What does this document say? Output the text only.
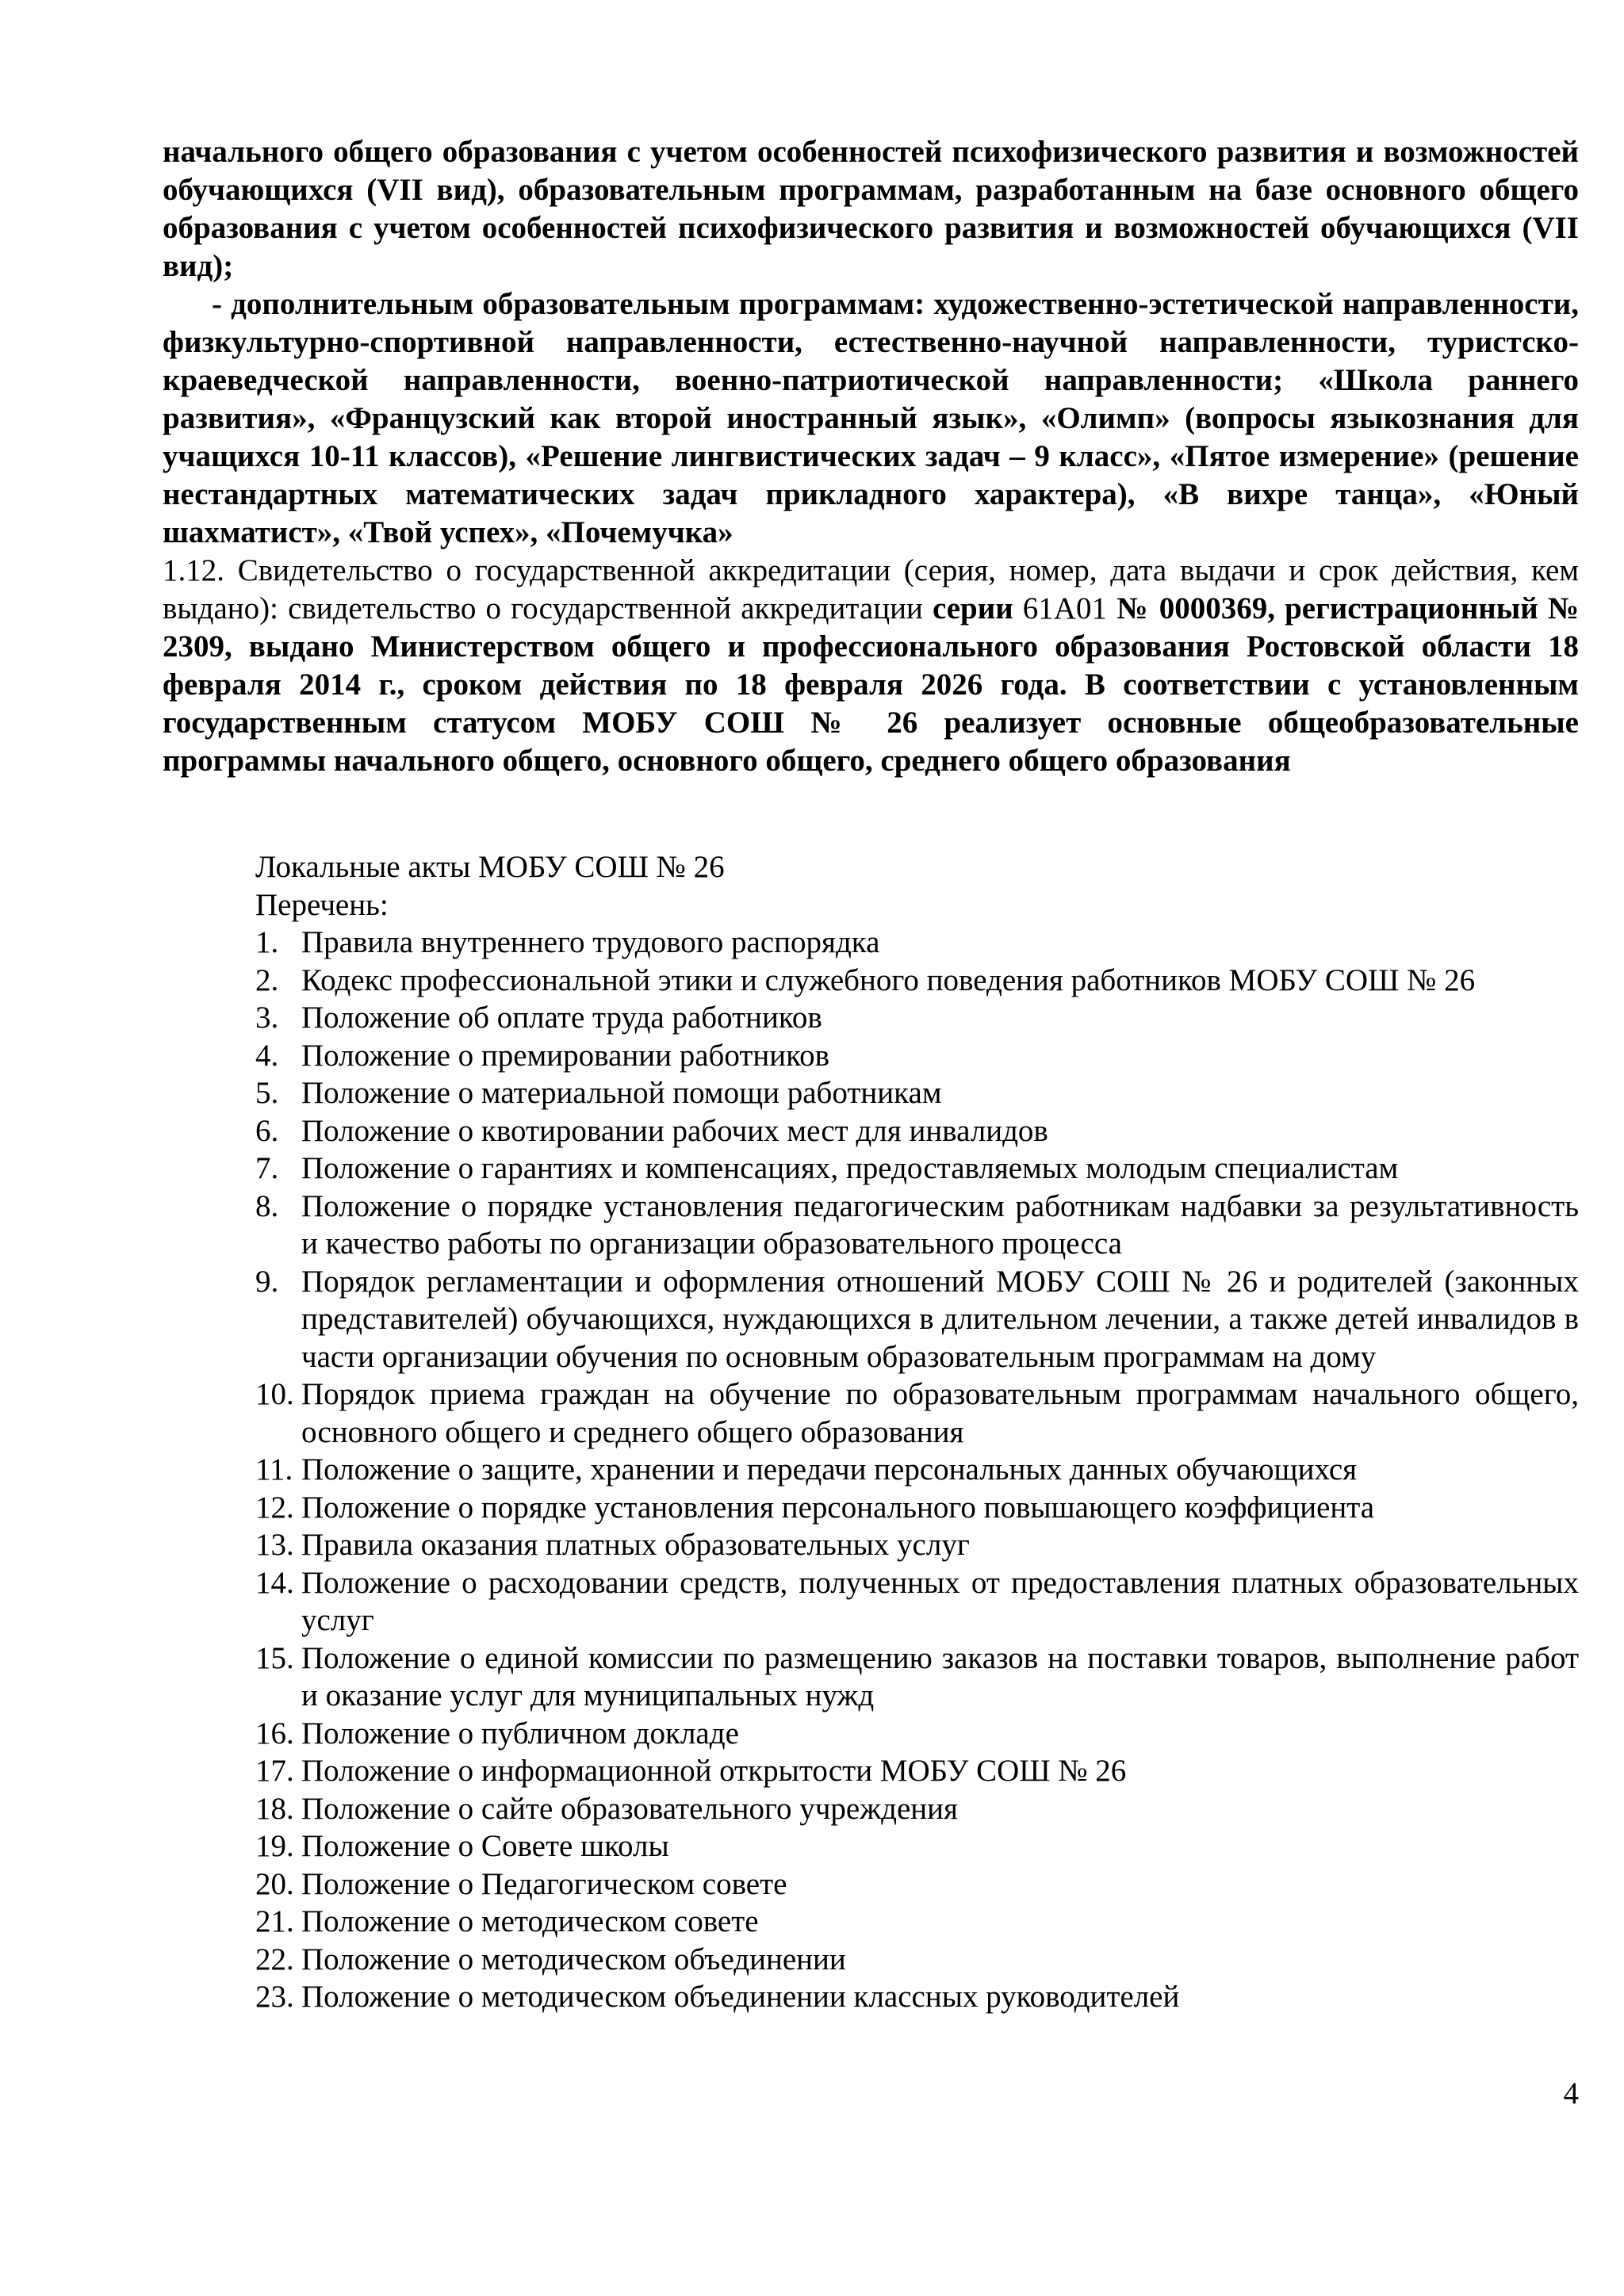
начального общего образования с учетом особенностей психофизического развития и возможностей обучающихся (VII вид), образовательным программам, разработанным на базе основного общего образования с учетом особенностей психофизического развития и возможностей обучающихся (VII вид);

- дополнительным образовательным программам: художественно-эстетической направленности, физкультурно-спортивной направленности, естественно-научной направленности, туристско-краеведческой направленности, военно-патриотической направленности; «Школа раннего развития», «Французский как второй иностранный язык», «Олимп» (вопросы языкознания для учащихся 10-11 классов), «Решение лингвистических задач – 9 класс», «Пятое измерение» (решение нестандартных математических задач прикладного характера), «В вихре танца», «Юный шахматист», «Твой успех», «Почемучка»

1.12. Свидетельство о государственной аккредитации (серия, номер, дата выдачи и срок действия, кем выдано): свидетельство о государственной аккредитации серии 61А01 № 0000369, регистрационный № 2309, выдано Министерством общего и профессионального образования Ростовской области 18 февраля 2014 г., сроком действия по 18 февраля 2026 года. В соответствии с установленным государственным статусом МОБУ СОШ № 26 реализует основные общеобразовательные программы начального общего, основного общего, среднего общего образования

Локальные акты МОБУ СОШ № 26

Перечень:

1. Правила внутреннего трудового распорядка
2. Кодекс профессиональной этики и служебного поведения работников МОБУ СОШ № 26
3. Положение об оплате труда работников
4. Положение о премировании работников
5. Положение о материальной помощи работникам
6. Положение о квотировании рабочих мест для инвалидов
7. Положение о гарантиях и компенсациях, предоставляемых молодым специалистам
8. Положение о порядке установления педагогическим работникам надбавки за результативность и качество работы по организации образовательного процесса
9. Порядок регламентации и оформления отношений МОБУ СОШ № 26 и родителей (законных представителей) обучающихся, нуждающихся в длительном лечении, а также детей инвалидов в части организации обучения по основным образовательным программам на дому
10. Порядок приема граждан на обучение по образовательным программам начального общего, основного общего и среднего общего образования
11. Положение о защите, хранении и передачи персональных данных обучающихся
12. Положение о порядке установления персонального повышающего коэффициента
13. Правила оказания платных образовательных услуг
14. Положение о расходовании средств, полученных от предоставления платных образовательных услуг
15. Положение о единой комиссии по размещению заказов на поставки товаров, выполнение работ и оказание услуг для муниципальных нужд
16. Положение о публичном докладе
17. Положение о информационной открытости МОБУ СОШ № 26
18. Положение о сайте образовательного учреждения
19. Положение о Совете школы
20. Положение о Педагогическом совете
21. Положение о методическом совете
22. Положение о методическом объединении
23. Положение о методическом объединении классных руководителей
4
